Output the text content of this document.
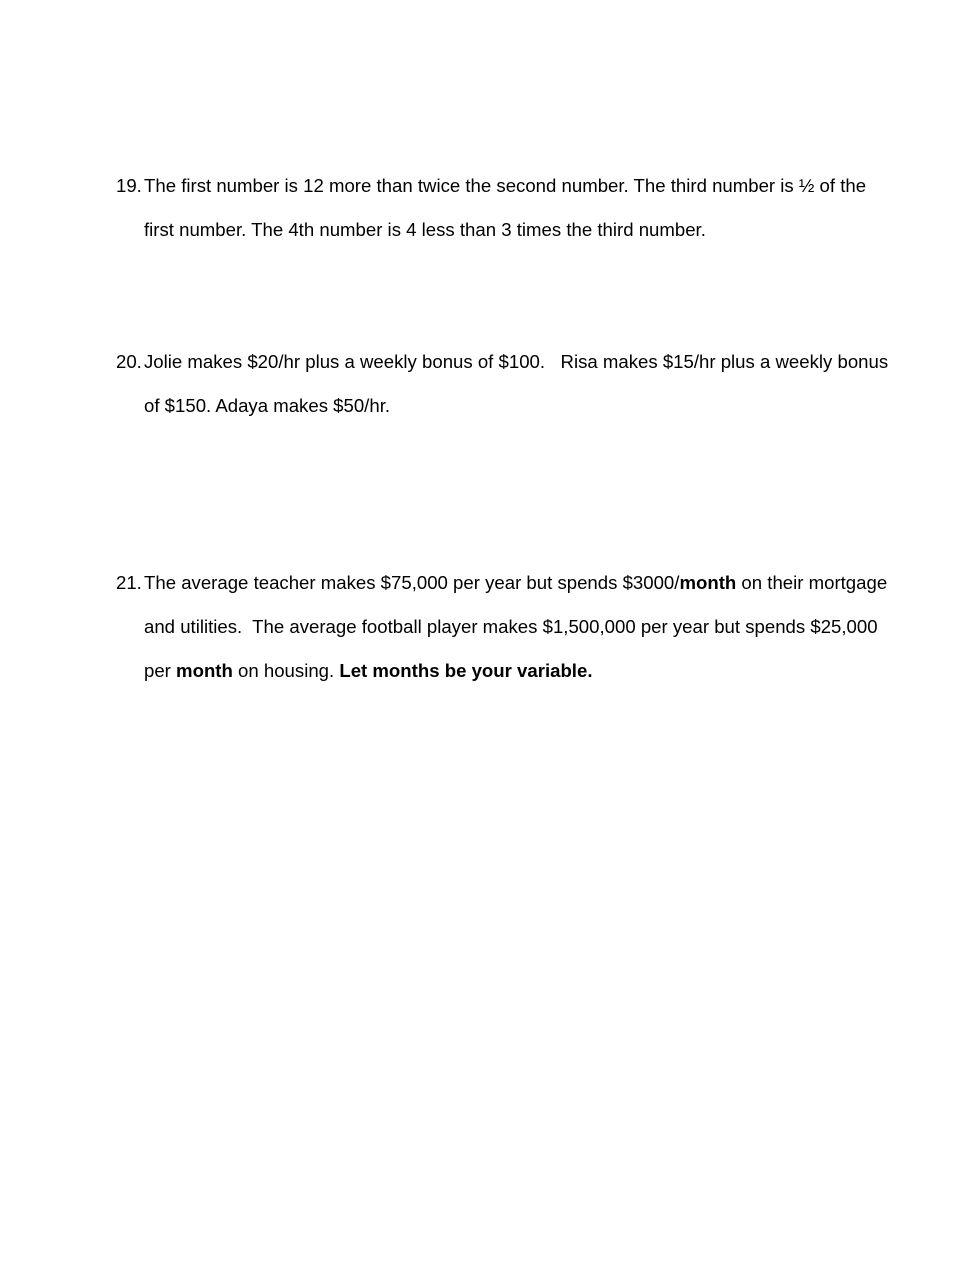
19. The first number is 12 more than twice the second number. The third number is ½ of the first number. The 4th number is 4 less than 3 times the third number.
20. Jolie makes $20/hr plus a weekly bonus of $100.   Risa makes $15/hr plus a weekly bonus of $150. Adaya makes $50/hr.
21. The average teacher makes $75,000 per year but spends $3000/month on their mortgage and utilities.  The average football player makes $1,500,000 per year but spends $25,000 per month on housing. Let months be your variable.
